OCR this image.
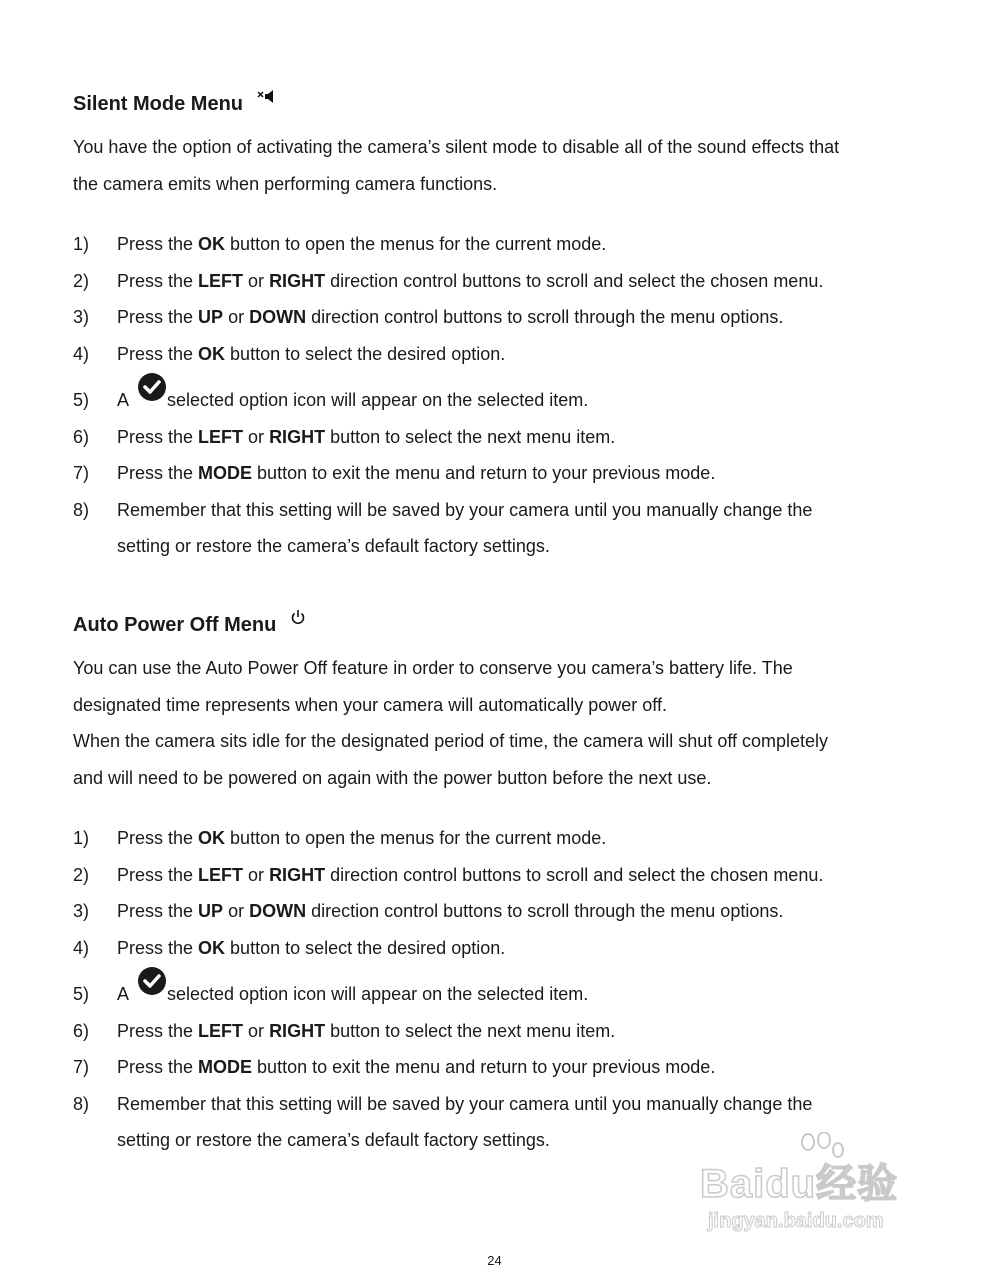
Silent Mode Menu
You have the option of activating the camera’s silent mode to disable all of the sound effects that
the camera emits when performing camera functions.
1)	Press the OK button to open the menus for the current mode.
2)	Press the LEFT or RIGHT direction control buttons to scroll and select the chosen menu.
3)	Press the UP or DOWN direction control buttons to scroll through the menu options.
4)	Press the OK button to select the desired option.
5)	A selected option icon will appear on the selected item.
6)	Press the LEFT or RIGHT button to select the next menu item.
7)	Press the MODE button to exit the menu and return to your previous mode.
8)	Remember that this setting will be saved by your camera until you manually change the
setting or restore the camera’s default factory settings.
Auto Power Off Menu
You can use the Auto Power Off feature in order to conserve you camera’s battery life. The
designated time represents when your camera will automatically power off.
When the camera sits idle for the designated period of time, the camera will shut off completely
and will need to be powered on again with the power button before the next use.
1)	Press the OK button to open the menus for the current mode.
2)	Press the LEFT or RIGHT direction control buttons to scroll and select the chosen menu.
3)	Press the UP or DOWN direction control buttons to scroll through the menu options.
4)	Press the OK button to select the desired option.
5)	A selected option icon will appear on the selected item.
6)	Press the LEFT or RIGHT button to select the next menu item.
7)	Press the MODE button to exit the menu and return to your previous mode.
8)	Remember that this setting will be saved by your camera until you manually change the
setting or restore the camera’s default factory settings.
Baidu经验
jingyan.baidu.com
24
